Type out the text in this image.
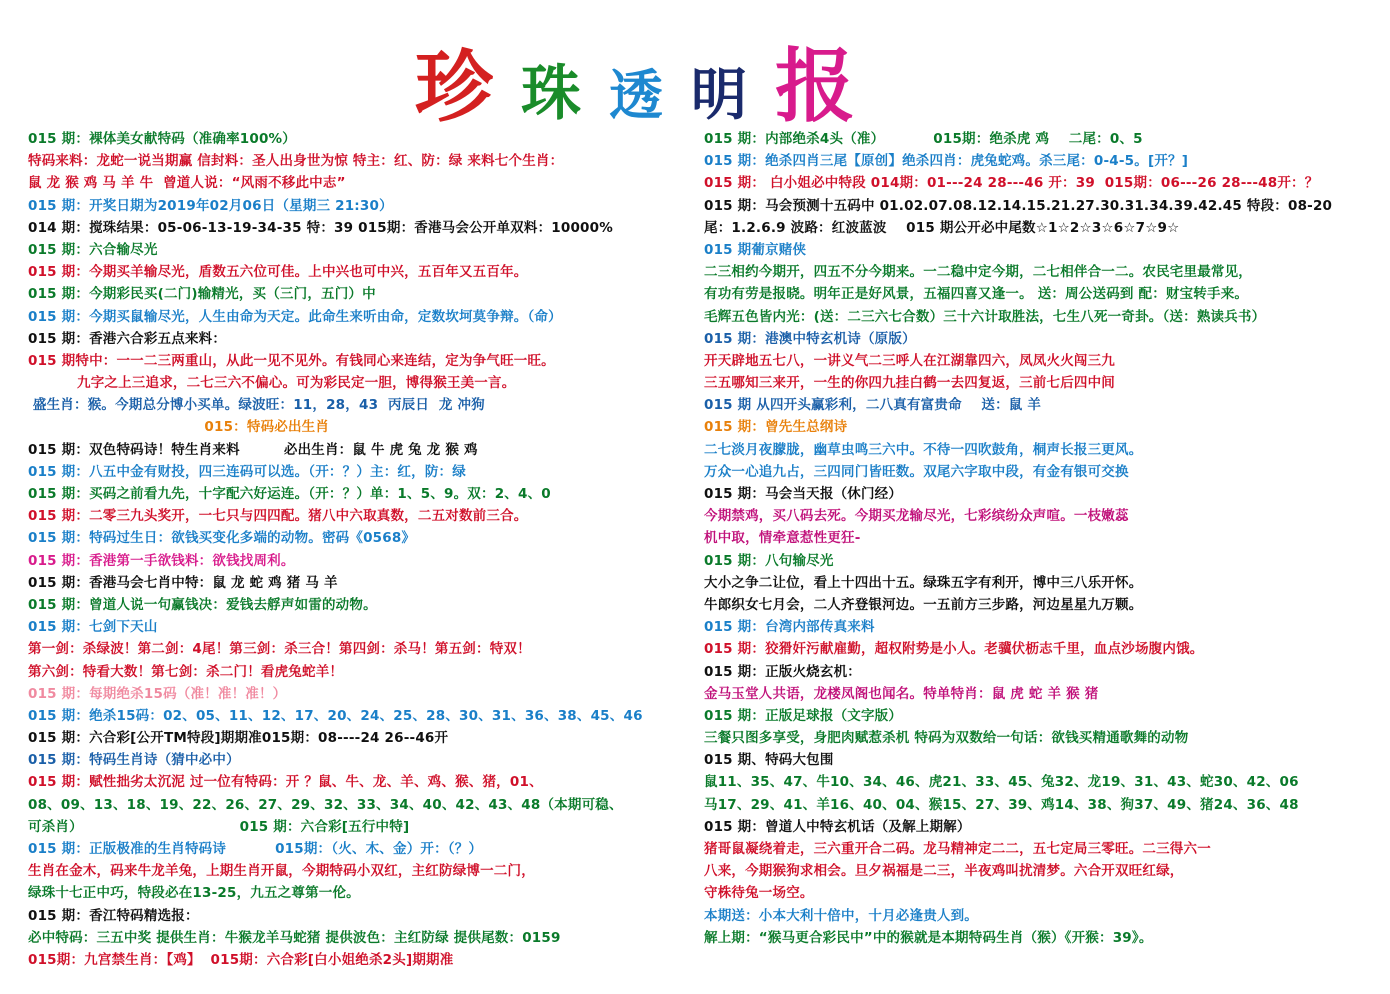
珍 珠 透 明 报
015 期：裸体美女献特码（准确率100%）
特码来料：龙蛇一说当期赢 信封料：圣人出身世为惊 特主：红、防：绿 来料七个生肖：
鼠 龙 猴 鸡 马 羊 牛  曾道人说：“风雨不移此中志”
015 期：开奖日期为2019年02月06日（星期三 21:30）
014 期：搅珠结果：05-06-13-19-34-35 特：39 015期：香港马会公开单双料：10000%
015 期：六合输尽光
015 期：今期买羊输尽光，盾数五六位可佳。上中兴也可中兴，五百年又五百年。
015 期：今期彩民买(二门)输精光，买（三门，五门）中
015 期：今期买鼠输尽光，人生由命为天定。此命生来听由命，定数坎坷莫争辩。（命）
015 期：香港六合彩五点来料：
015 期特中：一一二三两重山，从此一见不见外。有钱同心来连结，定为争气旺一旺。
九字之上三追求，二七三六不偏心。可为彩民定一胆，博得猴王美一言。
盛生肖：猴。今期总分博小买单。绿波旺：11，28，43  丙辰日  龙 冲狗
015：特码必出生肖
015 期：双色特码诗！特生肖来料         必出生肖：鼠 牛 虎 兔 龙 猴 鸡
015 期：八五中金有财投，四三连码可以选。（开：？）主：红，防：绿
015 期：买码之前看九先，十字配六好运连。（开：？）单：1、5、9。双：2、4、0
015 期：二零三九头奖开，一七只与四四配。猪八中六取真数，二五对数前三合。
015 期：特码过生日：欲钱买变化多端的动物。密码《0568》
015 期：香港第一手欲钱料：欲钱找周利。
015 期：香港马会七肖中特：鼠 龙 蛇 鸡 猪 马 羊
015 期：曾道人说一句赢钱决：爱钱去艀声如雷的动物。
015 期：七剑下天山
第一剑：杀绿波！第二剑：4尾！第三剑：杀三合！第四剑：杀马！第五剑：特双！
第六剑：特看大数！第七剑：杀二门！看虎兔蛇羊！
015 期：每期绝杀15码（准！准！准！）
015 期：绝杀15码：02、05、11、12、17、20、24、25、28、30、31、36、38、45、46
015 期：六合彩[公开TM特段]期期准015期：08----24 26--46开
015 期：特码生肖诗（猜中必中）
015 期：赋性拙劣太沉泥 过一位有特码：开 ？鼠、牛、龙、羊、鸡、猴、猪，01、
08、09、13、18、19、22、26、27、29、32、33、34、40、42、43、48（本期可稳、
可杀肖）                                015 期：六合彩[五行中特]
015 期：正版极准的生肖特码诗          015期：（火、木、金）开：（？）
生肖在金木，码来牛龙羊兔，上期生肖开鼠，今期特码小双红，主红防绿博一二门，
绿珠十七正中巧，特段必在13-25，九五之尊第一伦。
015 期：香江特码精选报：
必中特码：三五中奖 提供生肖：牛猴龙羊马蛇猪 提供波色：主红防绿 提供尾数：0159
015期：九宫禁生肖：【鸡】  015期：六合彩[白小姐绝杀2头]期期准
015 期：内部绝杀4头（准）          015期：绝杀虎 鸡    二尾：0、5
015 期：绝杀四肖三尾【原创】绝杀四肖：虎兔蛇鸡。杀三尾：0-4-5。[开？]
015 期： 白小姐必中特段 014期：01---24 28---46 开：39  015期：06---26 28---48开：？
015 期：马会预测十五码中 01.02.07.08.12.14.15.21.27.30.31.34.39.42.45 特段：08-20
尾：1.2.6.9 波路：红波蓝波    015 期公开必中尾数☆1☆2☆3☆6☆7☆9☆
015 期葡京赌侠
二三相约今期开，四五不分今期来。一二稳中定今期，二七相伴合一二。农民宅里最常见，
有功有劳是报晓。明年正是好风景，五福四喜又逢一。 送：周公送码到 配：财宝转手来。
毛辉五色皆内光：(送：二三六七合数）三十六计取胜法，七生八死一奇卦。（送：熟读兵书）
015 期：港澳中特玄机诗（原版）
开天辟地五七八，一讲义气二三呼人在江湖靠四六，凤凤火火闯三九
三五哪知三来开，一生的你四九挂白鹤一去四复返，三前七后四中间
015 期 从四开头赢彩利，二八真有富贵命    送：鼠 羊
015 期：曾先生总纲诗
二七淡月夜朦胧，幽草虫鸣三六中。不待一四吹鼓角，桐声长报三更风。
万众一心追九占，三四同门皆旺数。双尾六字取中段，有金有银可交换
015 期：马会当天报（休门经）
今期禁鸡，买八码去死。今期买龙输尽光，七彩缤纷众声喧。一枝嫩蕊
机中取，情牵意惹性更狂-
015 期：八句输尽光
大小之争二让位，看上十四出十五。绿珠五字有利开，博中三八乐开怀。
牛郎织女七月会，二人齐登银河边。一五前方三步路，河边星星九万颗。
015 期：台湾内部传真来料
015 期：狡猾奸污献雇勤，超权附势是小人。老骥伏枥志千里，血点沙场腹内饿。
015 期：正版火烧玄机：
金马玉堂人共语，龙楼凤阁也闻名。特单特肖：鼠 虎 蛇 羊 猴 猪
015 期：正版足球报（文字版）
三餐只图多享受，身肥肉赋惹杀机 特码为双数给一句话：欲钱买精通歌舞的动物
015 期、特码大包围
鼠11、35、47、牛10、34、46、虎21、33、45、兔32、龙19、31、43、蛇30、42、06
马17、29、41、羊16、40、04、猴15、27、39、鸡14、38、狗37、49、猪24、36、48
015 期：曾道人中特玄机话（及解上期解）
猪哥鼠凝绕着走，三六重开合二码。龙马精神定二二，五七定局三零旺。二三得六一
八来，今期猴狗求相会。旦夕祸福是二三，半夜鸡叫扰清梦。六合开双旺红绿，
守株待兔一场空。
本期送：小本大利十倍中，十月必逢贵人到。
解上期：“猴马更合彩民中”中的猴就是本期特码生肖（猴）《开猴：39》。
